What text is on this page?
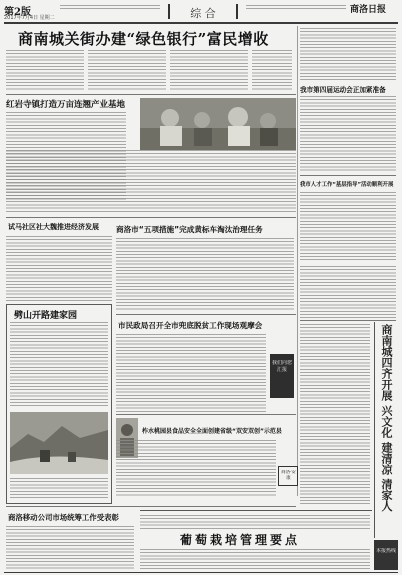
第2版
2017年7月4日 星期二	综 合	商洛日报
商南城关街办建“绿色银行”富民增收
红岩寺镇打造万亩连翘产业基地
我市第四届运动会正加紧准备
我市人才工作“基层指导”活动顺利开展
试马社区社大魏推进经济发展	商洛市“五项措施”完成黄标车淘汰治理任务
劈山开路建家园
市民政局召开全市兜底脱贫工作现场观摩会
我们向您汇报	商南城四齐开展 兴文化 建清凉 清家人
柞水桃园县食品安全全面创建省级“双安双创”示范县
商洛·安康
商洛移动公司市场统筹工作受表彰
葡萄栽培管理要点
本报热线
